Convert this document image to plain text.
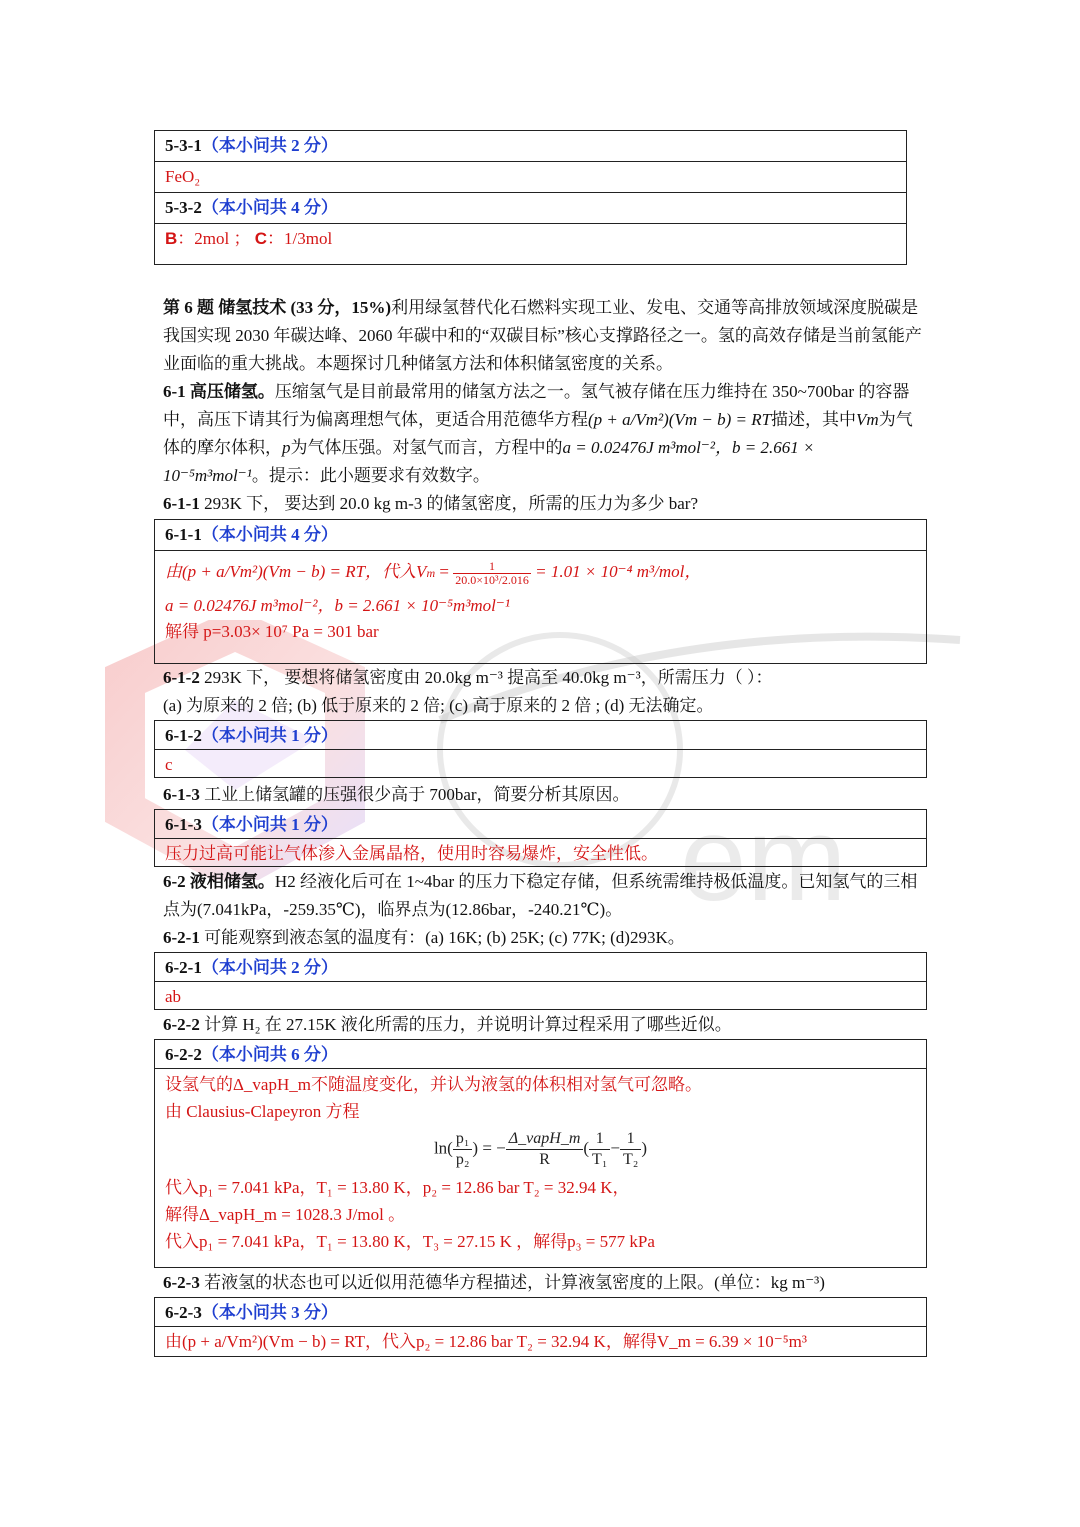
em
5-3-1（本小问共 2 分）
FeO₂
5-3-2（本小问共 4 分）
B：2mol ； C：1/3mol
第 6 题 储氢技术 (33 分，15%)利用绿氢替代化石燃料实现工业、发电、交通等高排放领域深度脱碳是我国实现 2030 年碳达峰、2060 年碳中和的“双碳目标”核心支撑路径之一。氢的高效存储是当前氢能产业面临的重大挑战。本题探讨几种储氢方法和体积储氢密度的关系。
6-1 高压储氢。压缩氢气是目前最常用的储氢方法之一。氢气被存储在压力维持在 350~700bar 的容器中，高压下请其行为偏离理想气体，更适合用范德华方程(p + a/Vm²)(Vm − b) = RT描述，其中Vm为气体的摩尔体积，p为气体压强。对氢气而言，方程中的a = 0.02476J m³mol⁻²，b = 2.661 × 10⁻⁵m³mol⁻¹。提示：此小题要求有效数字。
6-1-1 293K 下， 要达到 20.0 kg m-3 的储氢密度，所需的压力为多少 bar?
6-1-1（本小问共 4 分）
由(p + a/Vm²)(Vm − b) = RT，代入$Vm = \frac{1}{\text{20.0×10³/2.016}} = 1.01 \times 10^{-4}$ m³/mol，
a = 0.02476J m³mol⁻²，b = 2.661 × 10⁻⁵m³mol⁻¹
解得 p=3.03× 10⁷ Pa = 301 bar
6-1-2 293K 下， 要想将储氢密度由 20.0kg m⁻³ 提高至 40.0kg m⁻³，所需压力（ ）：
(a) 为原来的 2 倍; (b) 低于原来的 2 倍; (c) 高于原来的 2 倍 ; (d) 无法确定。
6-1-2（本小问共 1 分）
c
6-1-3 工业上储氢罐的压强很少高于 700bar，简要分析其原因。
6-1-3（本小问共 1 分）
压力过高可能让气体渗入金属晶格，使用时容易爆炸，安全性低。
6-2 液相储氢。H2 经液化后可在 1~4bar 的压力下稳定存储，但系统需维持极低温度。已知氢气的三相点为(7.041kPa，-259.35℃)，临界点为(12.86bar，-240.21℃)。
6-2-1 可能观察到液态氢的温度有：(a) 16K; (b) 25K; (c) 77K; (d)293K。
6-2-1（本小问共 2 分）
ab
6-2-2 计算 H₂ 在 27.15K 液化所需的压力，并说明计算过程采用了哪些近似。
6-2-2（本小问共 6 分）
设氢气的Δ_vapH_m不随温度变化，并认为液氢的体积相对氢气可忽略。
由 Clausius-Clapeyron 方程
$\ln( \frac{\text{p₁}}{\text{p₂}}$ ) = − Δ_vapH_m
R
( $\frac{1}{\text{T₁}} - \frac{1}{\text{T₂}}$ )
代入p₁ = 7.041 kPa，T₁ = 13.80 K，p₂ = 12.86 bar T₂ = 32.94 K，
解得Δ_vapH_m = 1028.3 J/mol 。
代入p₁ = 7.041 kPa，T₁ = 13.80 K，T₃ = 27.15 K ，解得p₃ = 577 kPa
6-2-3 若液氢的状态也可以近似用范德华方程描述，计算液氢密度的上限。(单位：kg m⁻³)
6-2-3（本小问共 3 分）
由(p + a/Vm²)(Vm − b) = RT，代入p₂ = 12.86 bar T₂ = 32.94 K，解得V_m = 6.39 × 10⁻⁵m³
